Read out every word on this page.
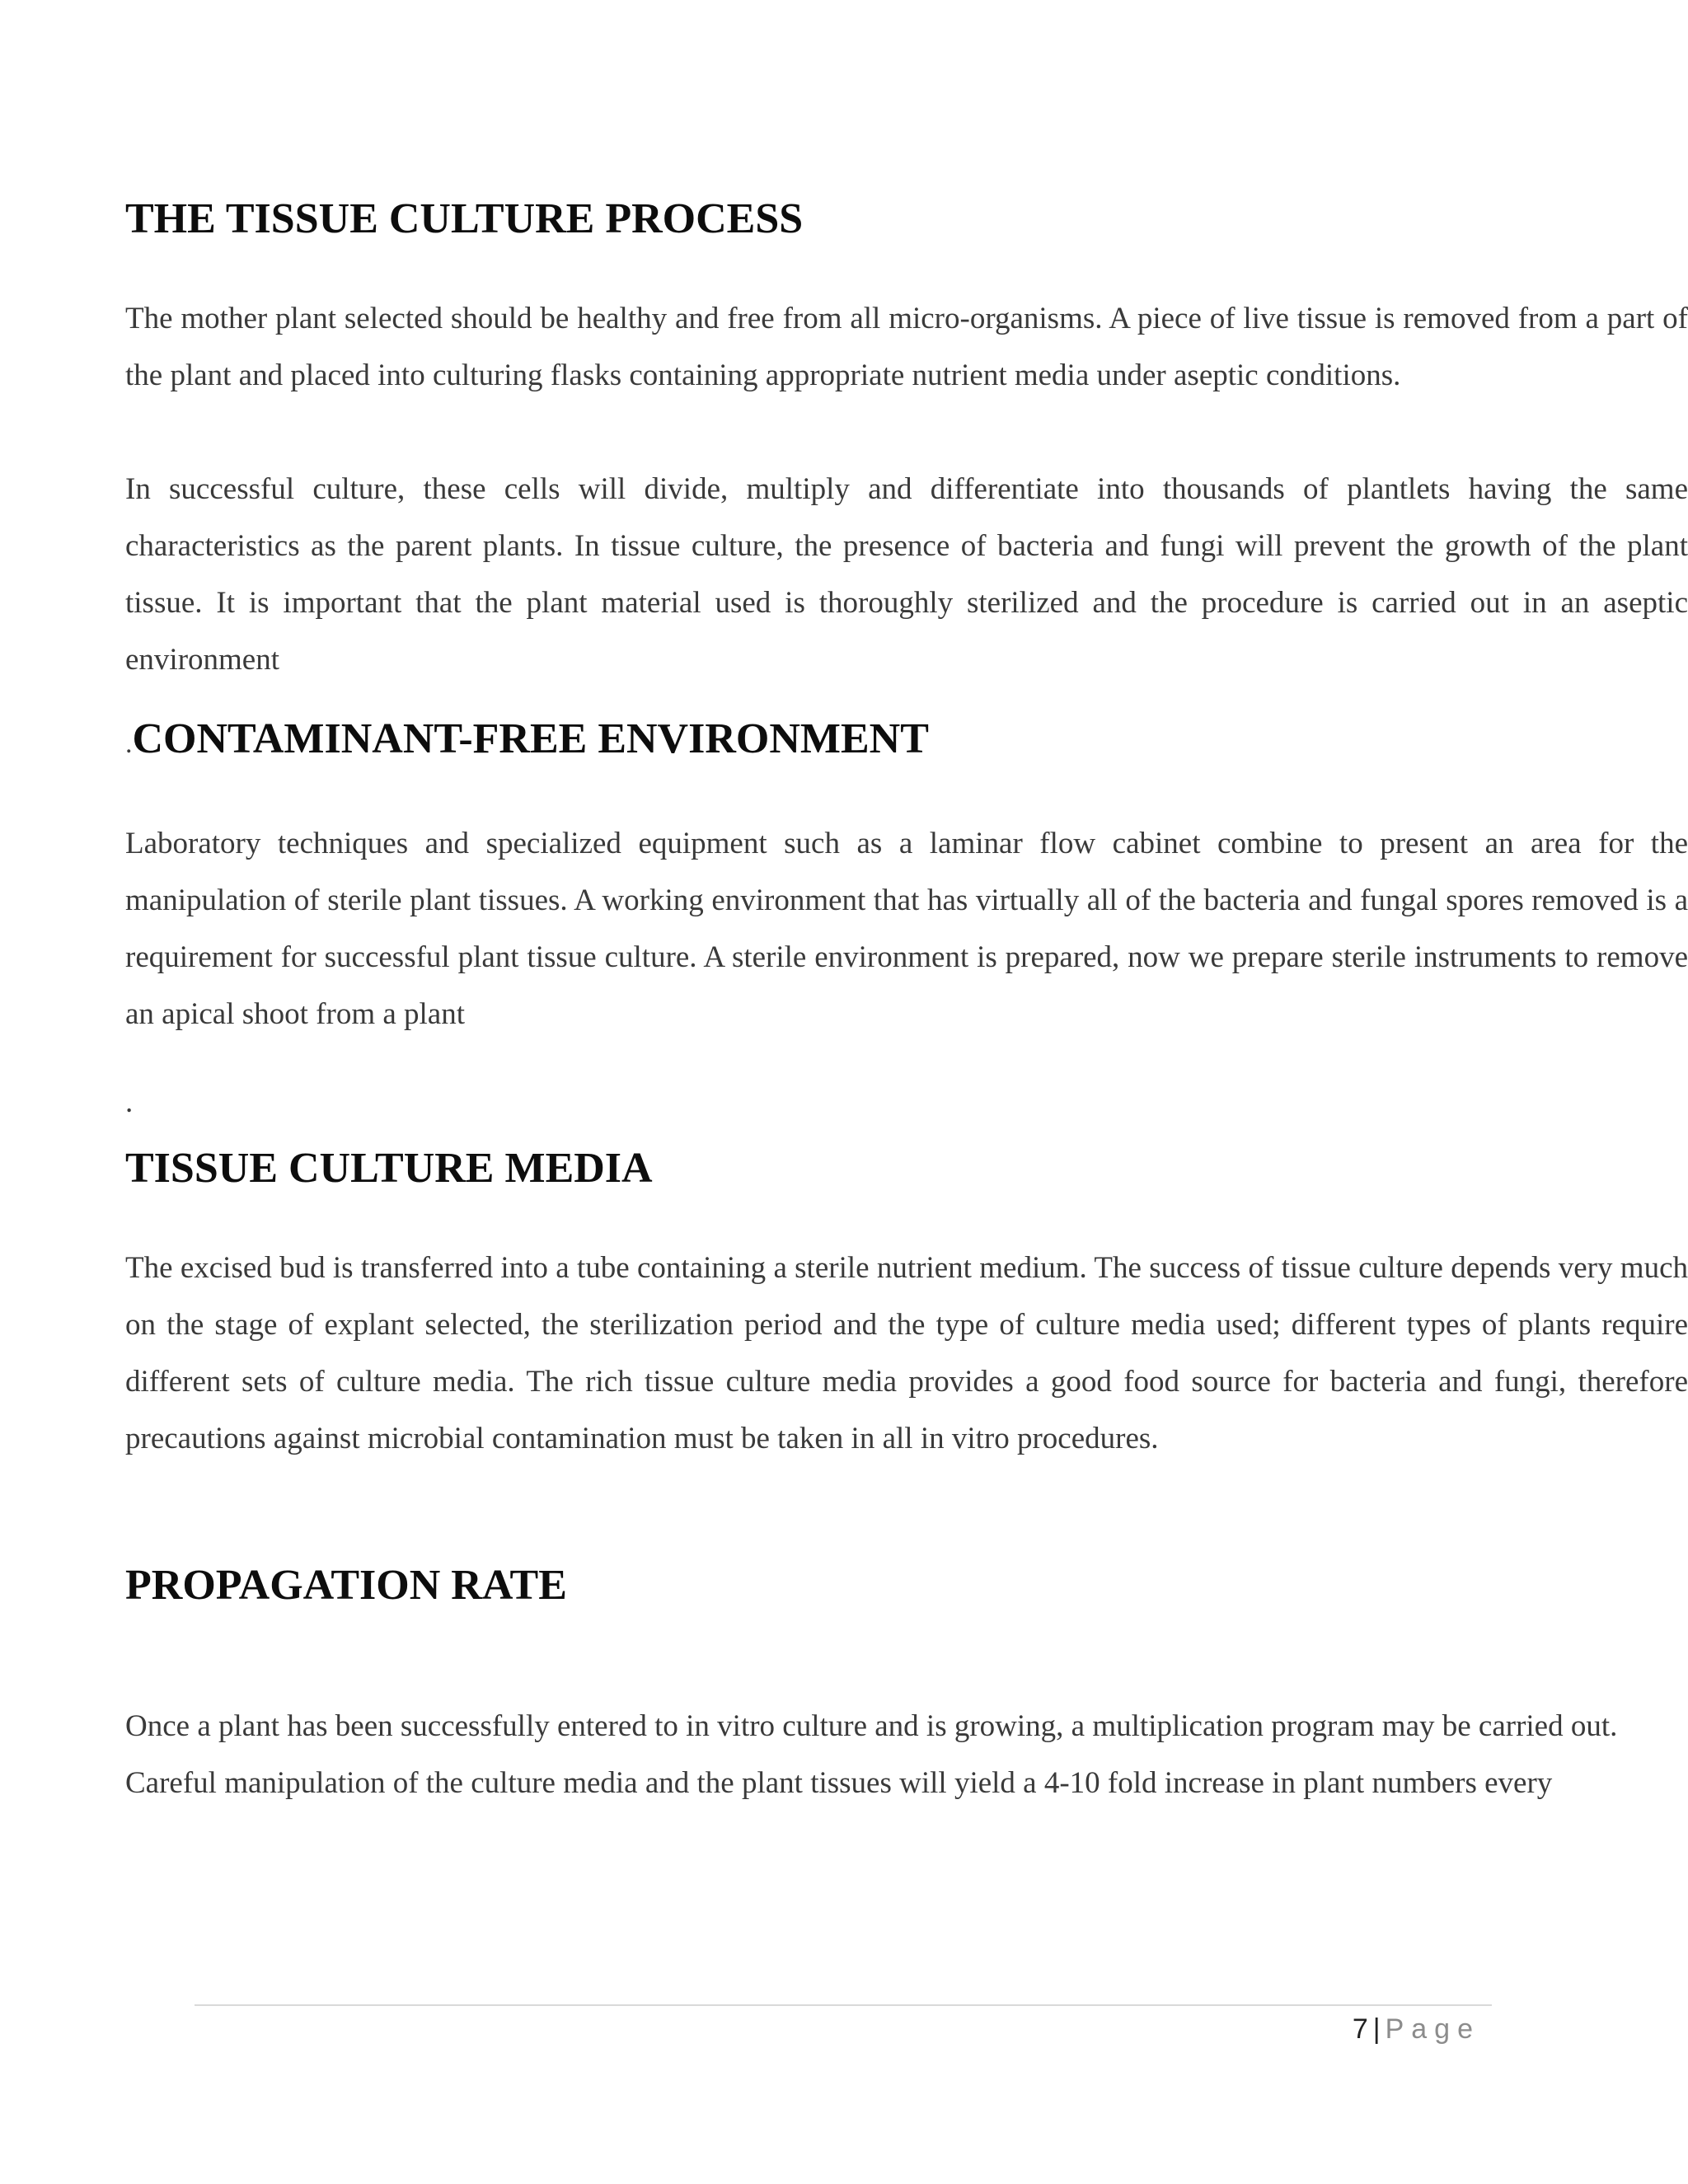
THE TISSUE CULTURE PROCESS

The mother plant selected should be healthy and free from all micro-organisms. A piece of live tissue is removed from a part of the plant and placed into culturing flasks containing appropriate nutrient media under aseptic conditions.

In successful culture, these cells will divide, multiply and differentiate into thousands of plantlets having the same characteristics as the parent plants. In tissue culture, the presence of bacteria and fungi will prevent the growth of the plant tissue. It is important that the plant material used is thoroughly sterilized and the procedure is carried out in an aseptic environment

.CONTAMINANT-FREE ENVIRONMENT

Laboratory techniques and specialized equipment such as a laminar flow cabinet combine to present an area for the manipulation of sterile plant tissues. A working environment that has virtually all of the bacteria and fungal spores removed is a requirement for successful plant tissue culture. A sterile environment is prepared, now we prepare sterile instruments to remove an apical shoot from a plant

.

TISSUE CULTURE MEDIA

The excised bud is transferred into a tube containing a sterile nutrient medium. The success of tissue culture depends very much on the stage of explant selected, the sterilization period and the type of culture media used; different types of plants require different sets of culture media. The rich tissue culture media provides a good food source for bacteria and fungi, therefore precautions against microbial contamination must be taken in all in vitro procedures.

PROPAGATION RATE

Once a plant has been successfully entered to in vitro culture and is growing, a multiplication program may be carried out.

Careful manipulation of the culture media and the plant tissues will yield a 4-10 fold increase in plant numbers every

7 | Page
